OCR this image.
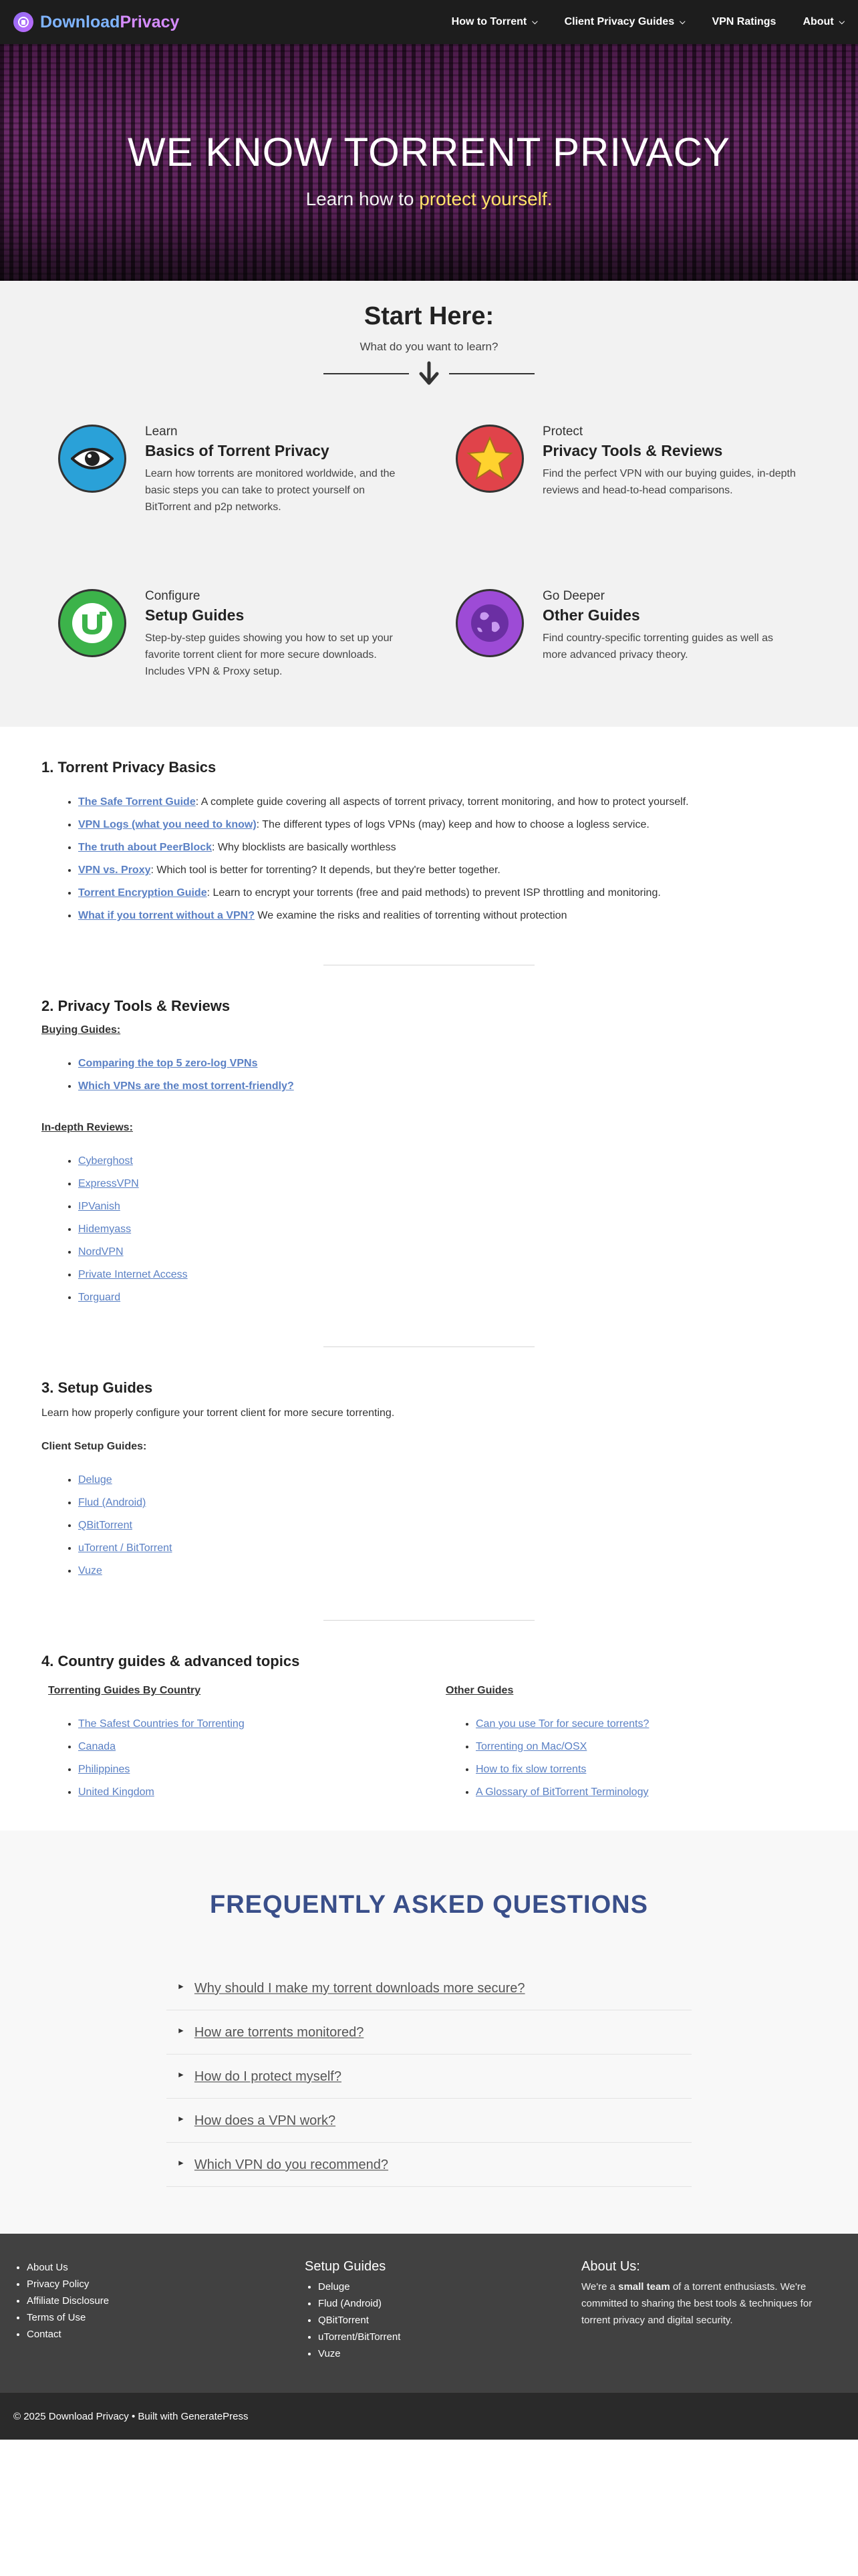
DownloadPrivacy	How to Torrent ⌵	Client Privacy Guides ⌵	VPN Ratings	About ⌵
WE KNOW TORRENT PRIVACY

Learn how to protect yourself.

Start Here:

What do you want to learn?

Learn
Basics of Torrent Privacy
Learn how torrents are monitored worldwide, and the basic steps you can take to protect yourself on BitTorrent and p2p networks.
Protect
Privacy Tools & Reviews
Find the perfect VPN with our buying guides, in-depth reviews and head-to-head comparisons.
Configure
Setup Guides
Step-by-step guides showing you how to set up your favorite torrent client for more secure downloads. Includes VPN & Proxy setup.
Go Deeper
Other Guides
Find country-specific torrenting guides as well as more advanced privacy theory.
1. Torrent Privacy Basics
• The Safe Torrent Guide: A complete guide covering all aspects of torrent privacy, torrent monitoring, and how to protect yourself.
• VPN Logs (what you need to know): The different types of logs VPNs (may) keep and how to choose a logless service.
• The truth about PeerBlock: Why blocklists are basically worthless
• VPN vs. Proxy: Which tool is better for torrenting? It depends, but they're better together.
• Torrent Encryption Guide: Learn to encrypt your torrents (free and paid methods) to prevent ISP throttling and monitoring.
• What if you torrent without a VPN? We examine the risks and realities of torrenting without protection
2. Privacy Tools & Reviews
Buying Guides:
• Comparing the top 5 zero-log VPNs
• Which VPNs are the most torrent-friendly?
In-depth Reviews:
• Cyberghost
• ExpressVPN
• IPVanish
• Hidemyass
• NordVPN
• Private Internet Access
• Torguard
3. Setup Guides

Learn how properly configure your torrent client for more secure torrenting.

Client Setup Guides:
• Deluge
• Flud (Android)
• QBitTorrent
• uTorrent / BitTorrent
• Vuze
4. Country guides & advanced topics
Torrenting Guides By Country
• The Safest Countries for Torrenting
• Canada
• Philippines
• United Kingdom
Other Guides
• Can you use Tor for secure torrents?
• Torrenting on Mac/OSX
• How to fix slow torrents
• A Glossary of BitTorrent Terminology
FREQUENTLY ASKED QUESTIONS
► Why should I make my torrent downloads more secure?
► How are torrents monitored?
► How do I protect myself?
► How does a VPN work?
► Which VPN do you recommend?
• About Us
• Privacy Policy
• Affiliate Disclosure
• Terms of Use
• Contact
Setup Guides
• Deluge
• Flud (Android)
• QBitTorrent
• uTorrent/BitTorrent
• Vuze
About Us:

We're a small team of a torrent enthusiasts. We're committed to sharing the best tools & techniques for torrent privacy and digital security.

© 2025 Download Privacy • Built with GeneratePress
